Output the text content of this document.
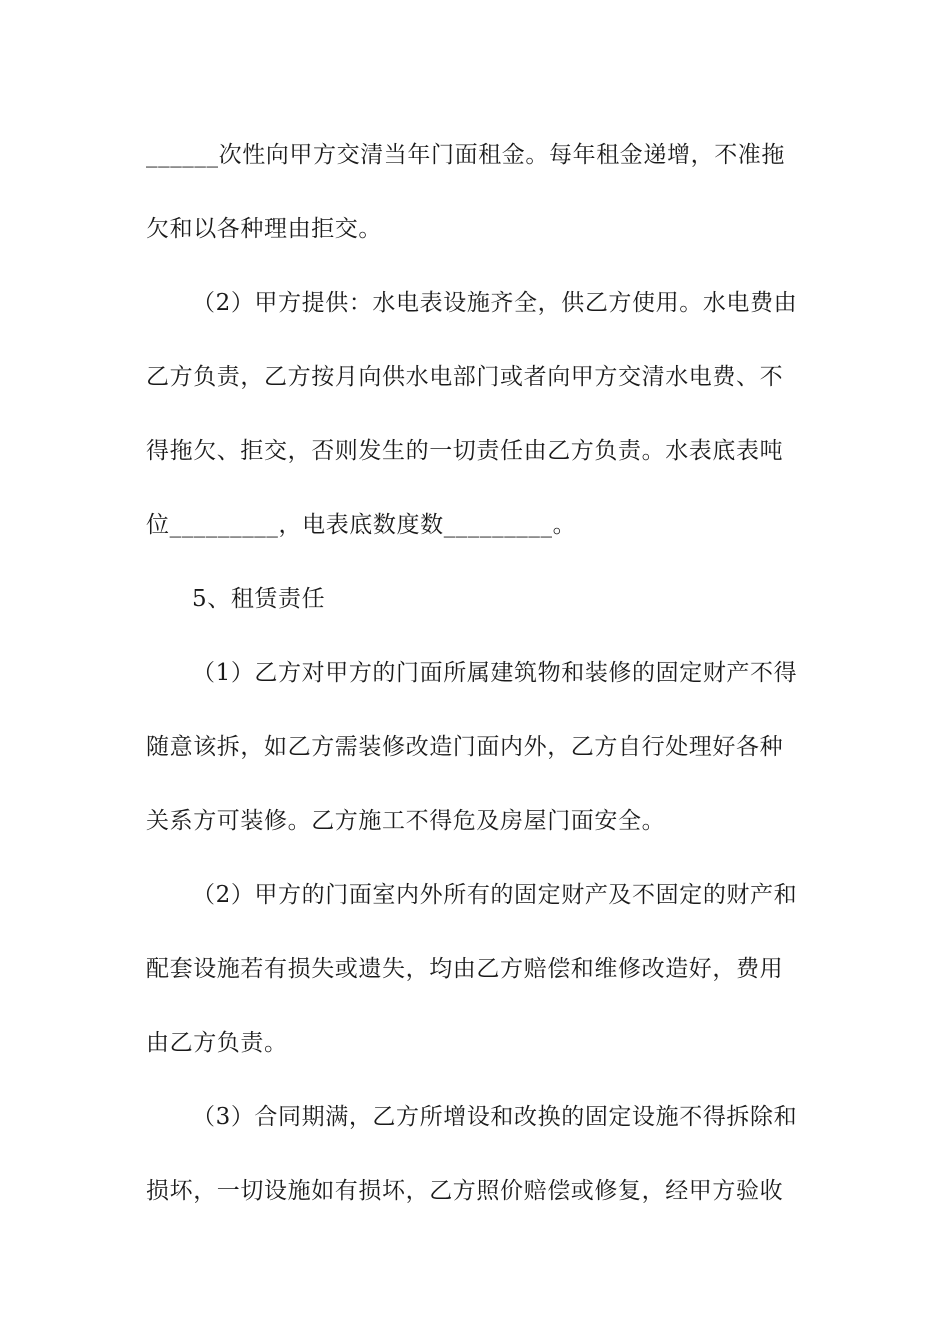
______次性向甲方交清当年门面租金。每年租金递增，不准拖
欠和以各种理由拒交。
（2）甲方提供：水电表设施齐全，供乙方使用。水电费由
乙方负责，乙方按月向供水电部门或者向甲方交清水电费、不
得拖欠、拒交，否则发生的一切责任由乙方负责。水表底表吨
位_________，电表底数度数_________。
5、租赁责任
（1）乙方对甲方的门面所属建筑物和装修的固定财产不得
随意该拆，如乙方需装修改造门面内外，乙方自行处理好各种
关系方可装修。乙方施工不得危及房屋门面安全。
（2）甲方的门面室内外所有的固定财产及不固定的财产和
配套设施若有损失或遗失，均由乙方赔偿和维修改造好，费用
由乙方负责。
（3）合同期满，乙方所增设和改换的固定设施不得拆除和
损坏，一切设施如有损坏，乙方照价赔偿或修复，经甲方验收
